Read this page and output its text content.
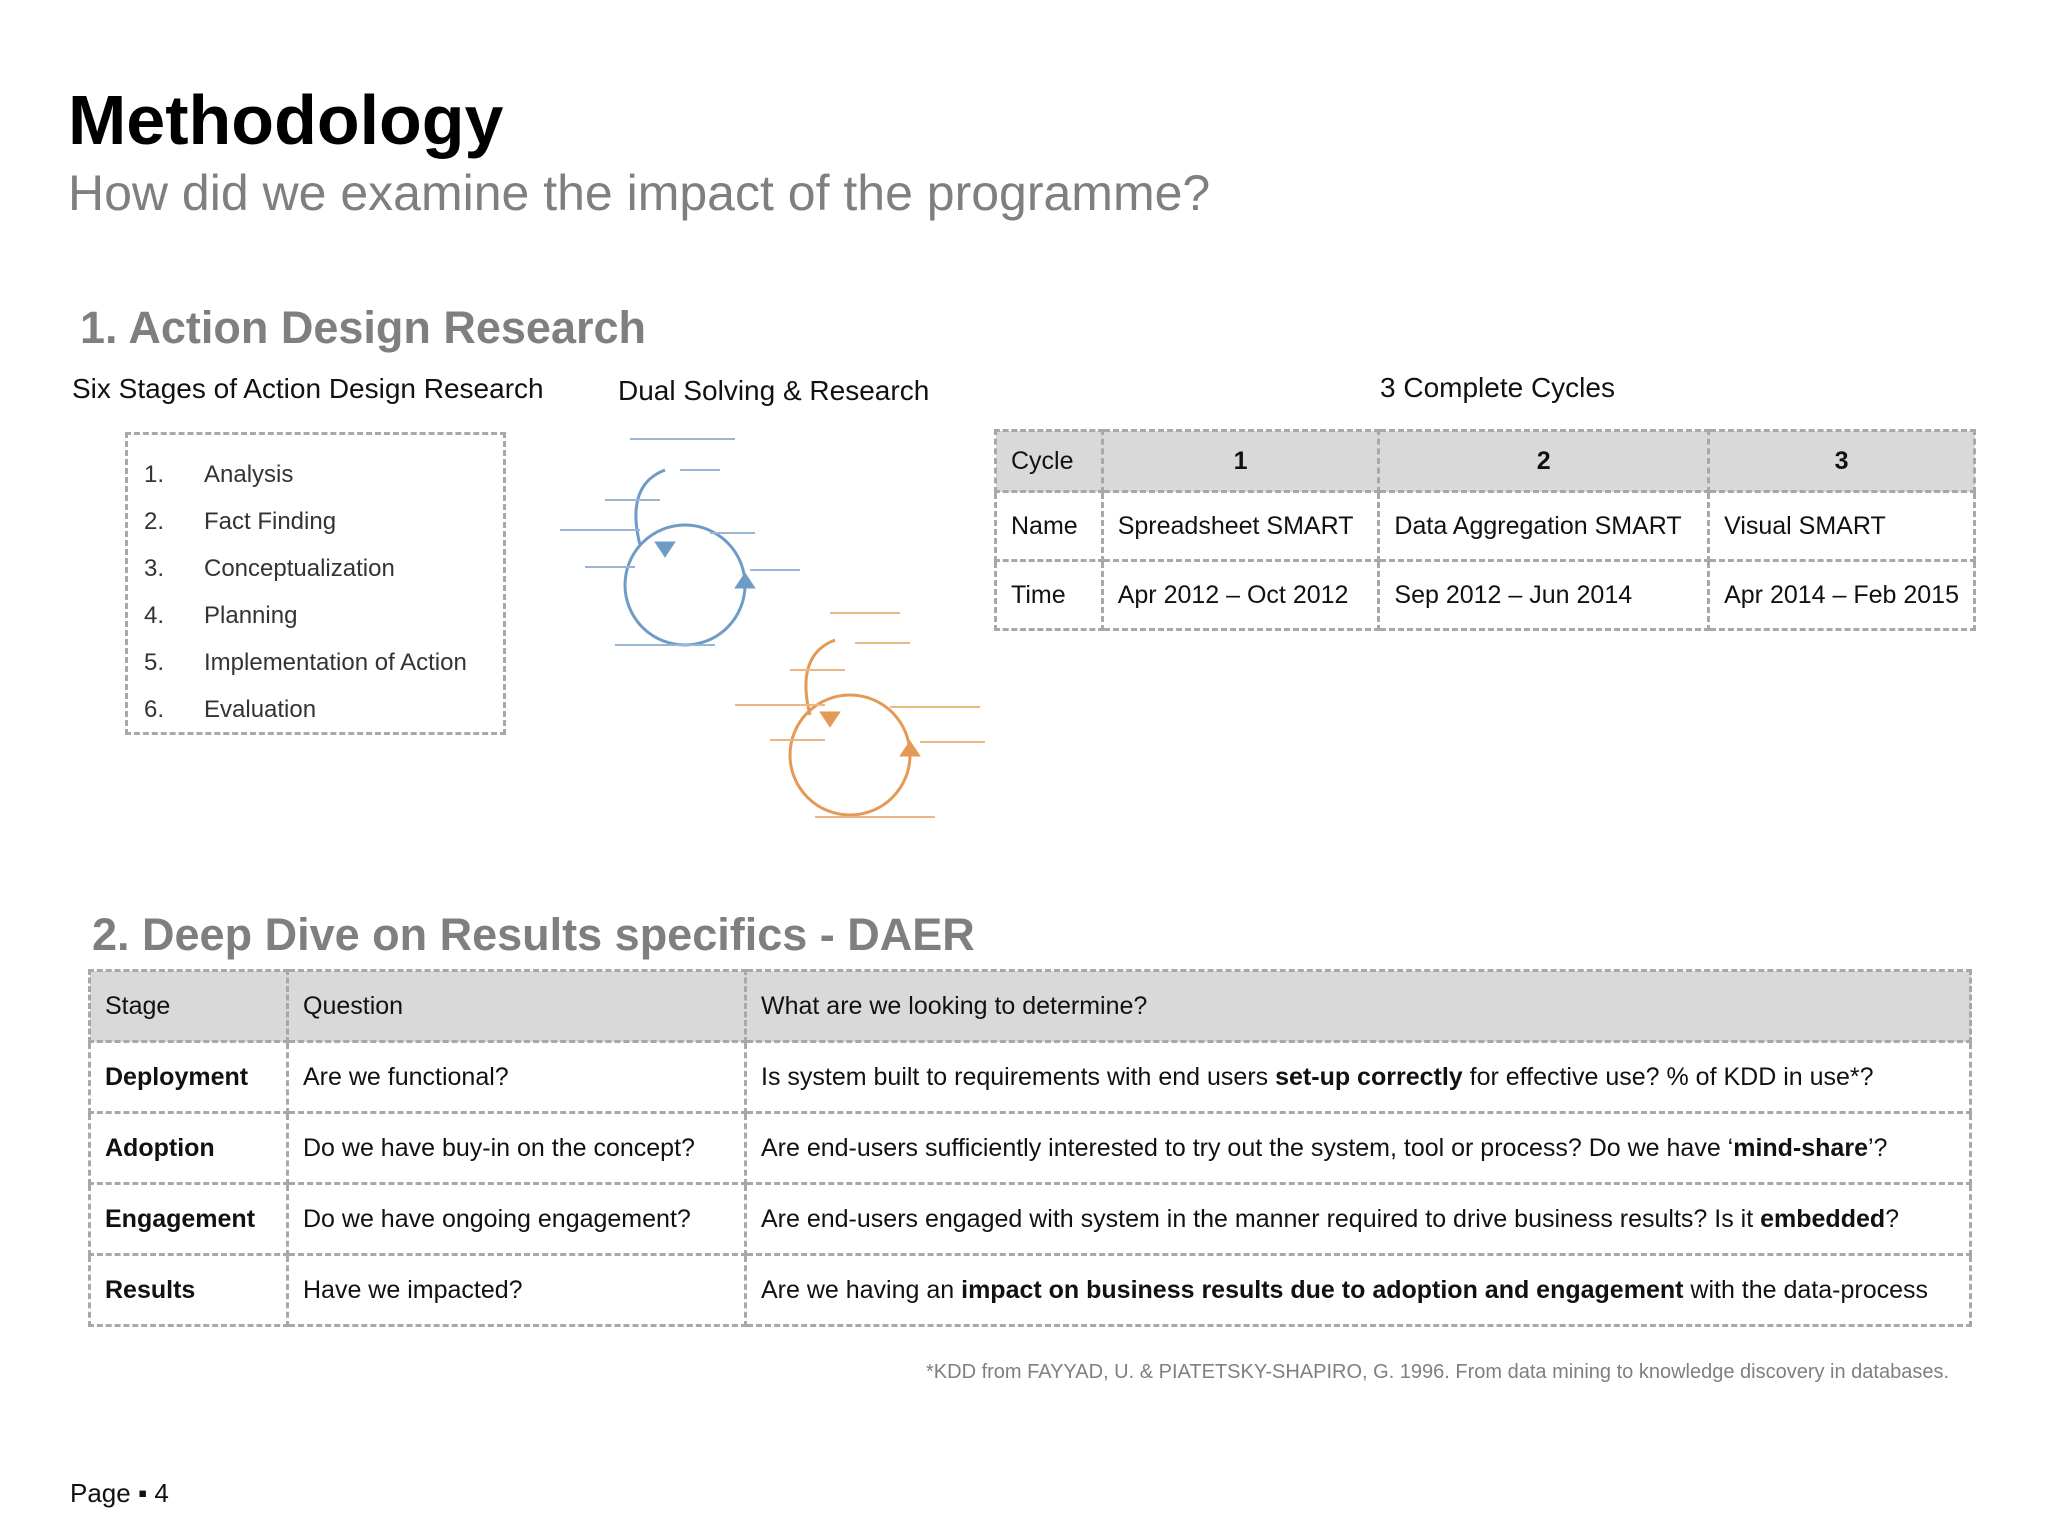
Methodology
How did we examine the impact of the programme?
1. Action Design Research
Six Stages of Action Design Research	Dual Solving & Research	3 Complete Cycles
1.	Analysis
2.	Fact Finding
3.	Conceptualization
4.	Planning
5.	Implementation of Action
6.	Evaluation
Cycle	1	2	3
Name	Spreadsheet SMART	Data Aggregation SMART	Visual SMART
Time	Apr 2012 – Oct 2012	Sep 2012 – Jun 2014	Apr 2014 – Feb 2015
2. Deep Dive on Results specifics - DAER
Stage	Question	What are we looking to determine?
Deployment	Are we functional?	Is system built to requirements with end users set-up correctly for effective use? % of KDD in use*?
Adoption	Do we have buy-in on the concept?	Are end-users sufficiently interested to try out the system, tool or process? Do we have ‘mind-share’?
Engagement	Do we have ongoing engagement?	Are end-users engaged with system in the manner required to drive business results? Is it embedded?
Results	Have we impacted?	Are we having an impact on business results due to adoption and engagement with the data-process
*KDD from FAYYAD, U. & PIATETSKY-SHAPIRO, G. 1996. From data mining to knowledge discovery in databases.
Page ▪ 4
